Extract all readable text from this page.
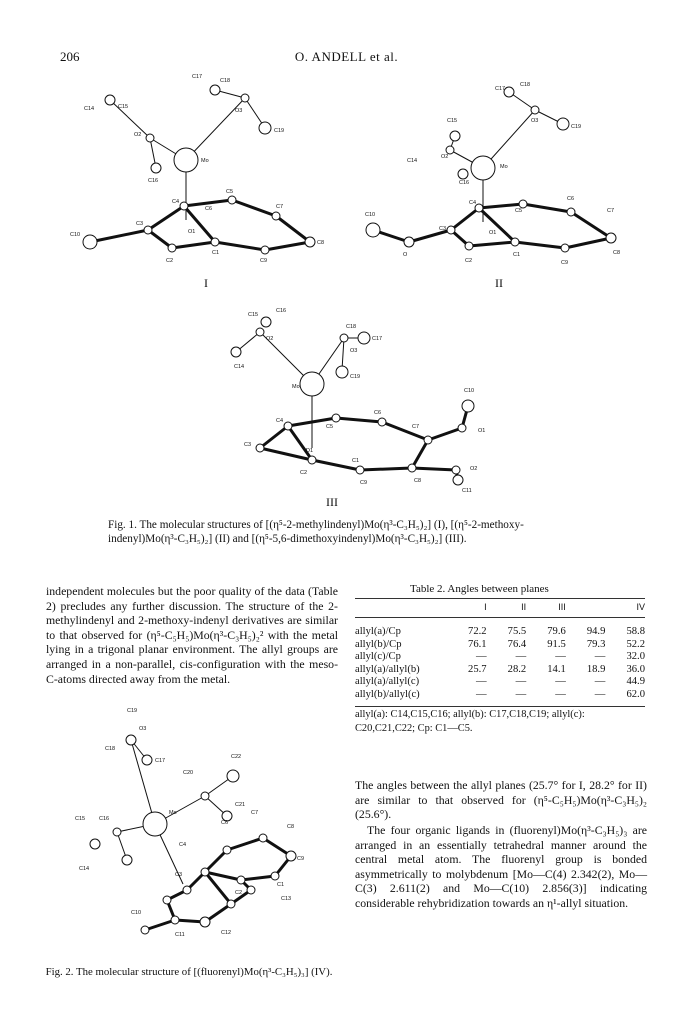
206	O. ANDELL et al.
C17
C18
C14	C15
O2
O3
C19
C16
Mo
C5
C4
C6	C7
C3
C10	O1
C8
C2
C1
C9
I
C17
C18
O3
C19
C15
O2
C14
Mo
C16
C10
C4
C5
C6
C7
C3
O1
O
C2
C1	C8
C9
II
C15
C16
O2
C18
C17
O3
C14
C19
Mo
C10
C4
C5
C6
C7
O1
C3
D1
C1
O2
C2
C9	C8
C11
III
Fig. 1. The molecular structures of [(η⁵-2-methylindenyl)Mo(η³-C₃H₅)₂] (I), [(η⁵-2-methoxy-indenyl)Mo(η³-C₃H₅)₂] (II) and [(η⁵-5,6-dimethoxyindenyl)Mo(η³-C₃H₅)₂] (III).
independent molecules but the poor quality of the data (Table 2) precludes any further discussion. The structure of the 2-methylindenyl and 2-methoxy-indenyl derivatives are similar to that observed for (η⁵-C₅H₅)Mo(η³-C₃H₅)₂² with the metal lying in a trigonal planar environment. The allyl groups are arranged in a non-parallel, cis-configuration with the meso-C-atoms directed away from the metal.
Table 2. Angles between planes
	I	II	III		IV
allyl(a)/Cp	72.2	75.5	79.6	94.9	58.8
allyl(b)/Cp	76.1	76.4	91.5	79.3	52.2
allyl(c)/Cp	—	—	—	—	32.0
allyl(a)/allyl(b)	25.7	28.2	14.1	18.9	36.0
allyl(a)/allyl(c)	—	—	—	—	44.9
allyl(b)/allyl(c)	—	—	—	—	62.0
allyl(a): C14,C15,C16; allyl(b): C17,C18,C19; allyl(c): C20,C21,C22; Cp: C1—C5.
The angles between the allyl planes (25.7° for I, 28.2° for II) are similar to that observed for (η⁵-C₅H₅)Mo(η³-C₃H₅)₂ (25.6°).
The four organic ligands in (fluorenyl)Mo(η³-C₃H₅)₃ are arranged in an essentially tetrahedral manner around the central metal atom. The fluorenyl group is bonded asymmetrically to molybdenum [Mo—C(4) 2.342(2), Mo—C(3) 2.611(2) and Mo—C(10) 2.856(3)] indicating considerable rehybridization towards an η¹-allyl situation.
C19
O3
C22
C18
C17
C20
C21
C15	C16
Mo
C6
C7
C8
C14
C4
C9
C3
C2
C1
C13
C10
C11	C12
Fig. 2. The molecular structure of [(fluorenyl)Mo(η³-C₃H₅)₃] (IV).
